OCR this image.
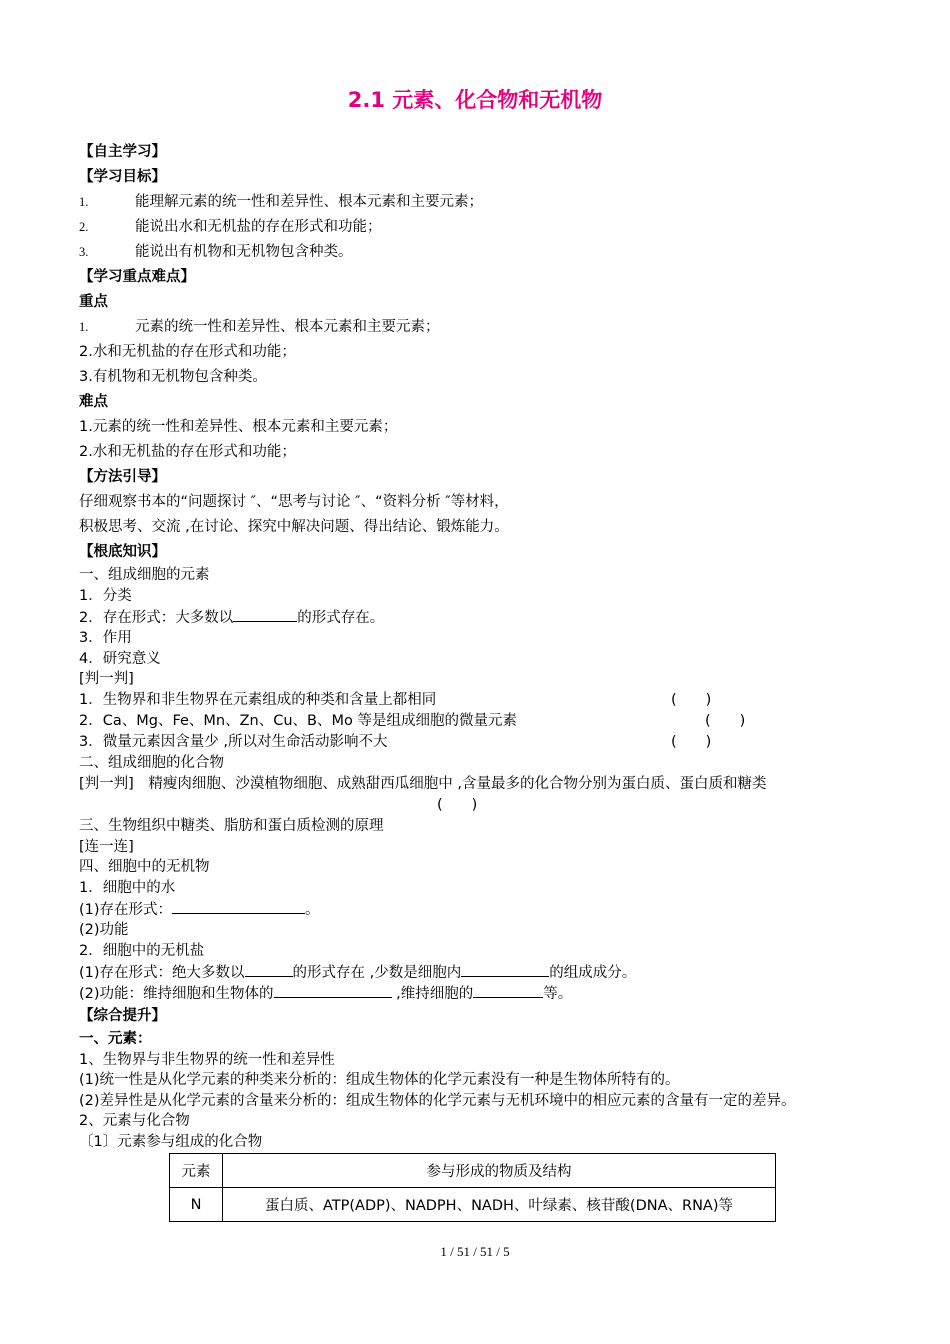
2.1 元素、化合物和无机物
【自主学习】
【学习目标】
1.	能理解元素的统一性和差异性、根本元素和主要元素；
2.	能说出水和无机盐的存在形式和功能；
3.	能说出有机物和无机物包含种类。
【学习重点难点】
重点
1.	元素的统一性和差异性、根本元素和主要元素；
2.水和无机盐的存在形式和功能；
3.有机物和无机物包含种类。
难点
1.元素的统一性和差异性、根本元素和主要元素；
2.水和无机盐的存在形式和功能；
【方法引导】
仔细观察书本的“问题探讨 ″、“思考与讨论 ″、“资料分析 ″等材料，
积极思考、交流 ,在讨论、探究中解决问题、得出结论、锻炼能力。
【根底知识】
一、组成细胞的元素
1．分类
2．存在形式：大多数以	的形式存在。
3．作用
4．研究意义
[判一判]
1．生物界和非生物界在元素组成的种类和含量上都相同	(　　)
2．Ca、Mg、Fe、Mn、Zn、Cu、B、Mo 等是组成细胞的微量元素	(　　)
3．微量元素因含量少 ,所以对生命活动影响不大	(　　)
二、组成细胞的化合物
[判一判]　精瘦肉细胞、沙漠植物细胞、成熟甜西瓜细胞中 ,含量最多的化合物分别为蛋白质、蛋白质和糖类
(　　)
三、生物组织中糖类、脂肪和蛋白质检测的原理
[连一连]
四、细胞中的无机物
1．细胞中的水
(1)存在形式：	。
(2)功能
2．细胞中的无机盐
(1)存在形式：绝大多数以	的形式存在 ,少数是细胞内	的组成成分。
(2)功能：维持细胞和生物体的	,维持细胞的	等。
【综合提升】
一、元素：
1、生物界与非生物界的统一性和差异性
(1)统一性是从化学元素的种类来分析的：组成生物体的化学元素没有一种是生物体所特有的。
(2)差异性是从化学元素的含量来分析的：组成生物体的化学元素与无机环境中的相应元素的含量有一定的差异。
2、元素与化合物
〔1〕元素参与组成的化合物
元素	参与形成的物质及结构
N	蛋白质、ATP(ADP)、NADPH、NADH、叶绿素、核苷酸(DNA、RNA)等
1 / 51 / 51 / 5
